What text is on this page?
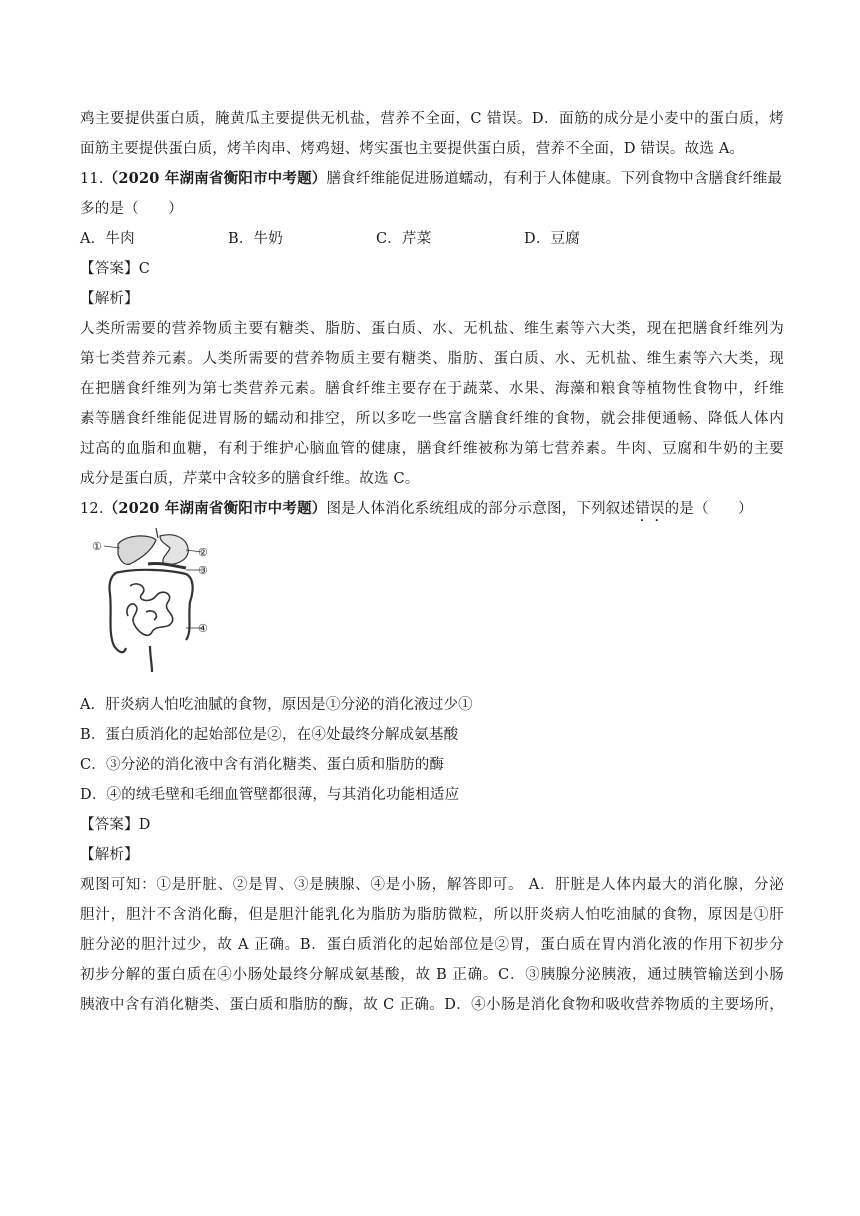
鸡主要提供蛋白质，腌黄瓜主要提供无机盐，营养不全面，C 错误。D．面筋的成分是小麦中的蛋白质，烤
面筋主要提供蛋白质，烤羊肉串、烤鸡翅、烤实蛋也主要提供蛋白质，营养不全面，D 错误。故选 A。
11.（2020 年湖南省衡阳市中考题）膳食纤维能促进肠道蠕动，有利于人体健康。下列食物中含膳食纤维最
多的是（　　）
A．牛肉	B．牛奶	C．芹菜	D．豆腐
【答案】C
【解析】
人类所需要的营养物质主要有糖类、脂肪、蛋白质、水、无机盐、维生素等六大类，现在把膳食纤维列为
第七类营养元素。人类所需要的营养物质主要有糖类、脂肪、蛋白质、水、无机盐、维生素等六大类，现
在把膳食纤维列为第七类营养元素。膳食纤维主要存在于蔬菜、水果、海藻和粮食等植物性食物中，纤维
素等膳食纤维能促进胃肠的蠕动和排空，所以多吃一些富含膳食纤维的食物，就会排便通畅、降低人体内
过高的血脂和血糖，有利于维护心脑血管的健康，膳食纤维被称为第七营养素。牛肉、豆腐和牛奶的主要
成分是蛋白质，芹菜中含较多的膳食纤维。故选 C。
12.（2020 年湖南省衡阳市中考题）图是人体消化系统组成的部分示意图，下列叙述错误的是（　　）
①	②
③
④
A．肝炎病人怕吃油腻的食物，原因是①分泌的消化液过少①
B．蛋白质消化的起始部位是②，在④处最终分解成氨基酸
C．③分泌的消化液中含有消化糖类、蛋白质和脂肪的酶
D．④的绒毛壁和毛细血管壁都很薄，与其消化功能相适应
【答案】D
【解析】
观图可知：①是肝脏、②是胃、③是胰腺、④是小肠，解答即可。 A．肝脏是人体内最大的消化腺，分泌
胆汁，胆汁不含消化酶，但是胆汁能乳化为脂肪为脂肪微粒，所以肝炎病人怕吃油腻的食物，原因是①肝
脏分泌的胆汁过少，故 A 正确。B．蛋白质消化的起始部位是②胃，蛋白质在胃内消化液的作用下初步分
初步分解的蛋白质在④小肠处最终分解成氨基酸，故 B 正确。C．③胰腺分泌胰液，通过胰管输送到小肠
胰液中含有消化糖类、蛋白质和脂肪的酶，故 C 正确。D．④小肠是消化食物和吸收营养物质的主要场所，
